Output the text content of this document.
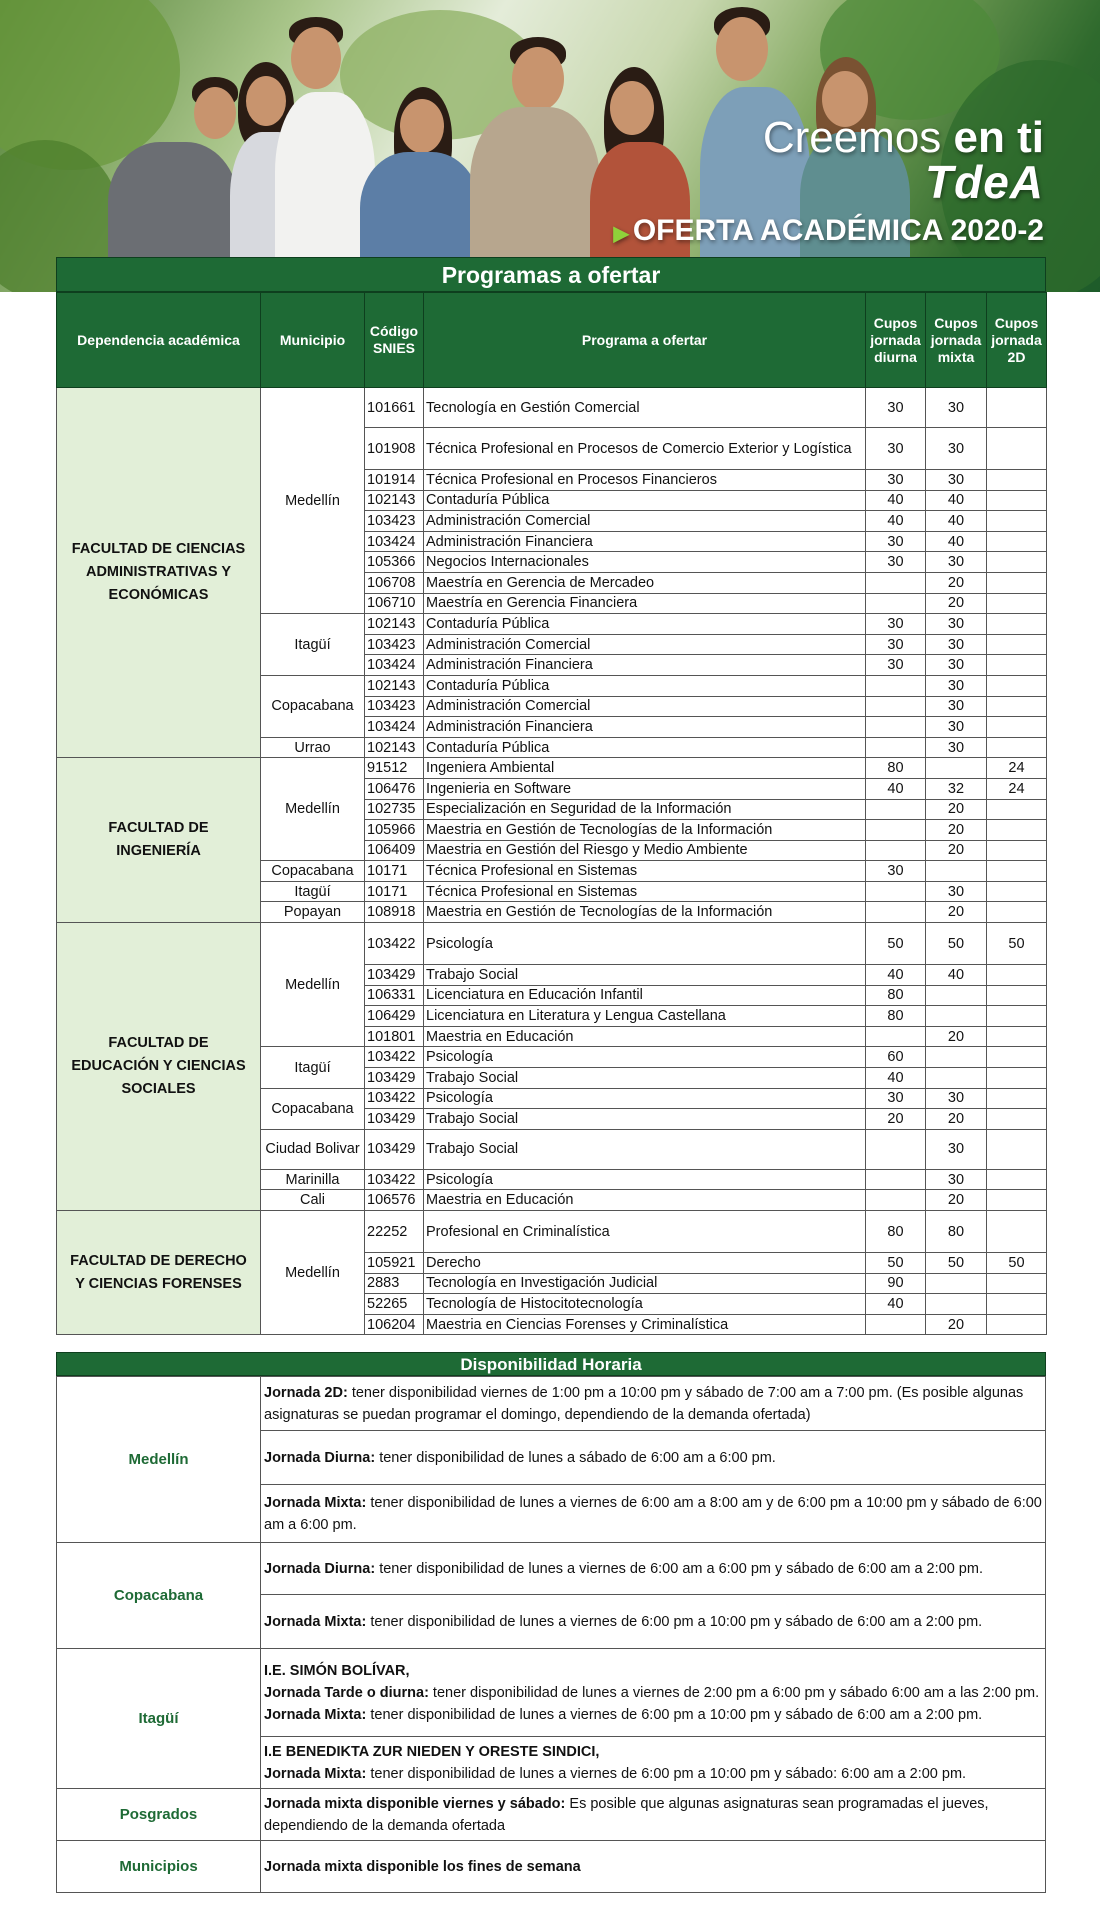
Creemos en ti
TdeA
▶ OFERTA ACADÉMICA 2020-2
Programas a ofertar
Dependencia académica	Municipio	Código SNIES	Programa a ofertar	Cupos jornada diurna	Cupos jornada mixta	Cupos jornada 2D
FACULTAD DE CIENCIAS ADMINISTRATIVAS Y ECONÓMICAS	Medellín	101661	Tecnología en Gestión Comercial	30	30	
		101908	Técnica Profesional en Procesos de Comercio Exterior y Logística	30	30	
		101914	Técnica Profesional en Procesos Financieros	30	30	
		102143	Contaduría Pública	40	40	
		103423	Administración Comercial	40	40	
		103424	Administración Financiera	30	40	
		105366	Negocios Internacionales	30	30	
		106708	Maestría en Gerencia de Mercadeo		20	
		106710	Maestría en Gerencia Financiera		20	
	Itagüí	102143	Contaduría Pública	30	30	
		103423	Administración Comercial	30	30	
		103424	Administración Financiera	30	30	
	Copacabana	102143	Contaduría Pública		30	
		103423	Administración Comercial		30	
		103424	Administración Financiera		30	
	Urrao	102143	Contaduría Pública		30	
FACULTAD DE INGENIERÍA	Medellín	91512	Ingeniera Ambiental	80		24
		106476	Ingenieria en Software	40	32	24
		102735	Especialización en Seguridad de la Información		20	
		105966	Maestria en Gestión de Tecnologías de la Información		20	
		106409	Maestria en Gestión del Riesgo y Medio Ambiente		20	
	Copacabana	10171	Técnica Profesional en Sistemas	30		
	Itagüí	10171	Técnica Profesional en Sistemas		30	
	Popayan	108918	Maestria en Gestión de Tecnologías de la Información		20	
FACULTAD DE EDUCACIÓN Y CIENCIAS SOCIALES	Medellín	103422	Psicología	50	50	50
		103429	Trabajo Social	40	40	
		106331	Licenciatura en Educación Infantil	80		
		106429	Licenciatura en Literatura y Lengua Castellana	80		
		101801	Maestria en Educación		20	
	Itagüí	103422	Psicología	60		
		103429	Trabajo Social	40		
	Copacabana	103422	Psicología	30	30	
		103429	Trabajo Social	20	20	
	Ciudad Bolivar	103429	Trabajo Social		30	
	Marinilla	103422	Psicología		30	
	Cali	106576	Maestria en Educación		20	
FACULTAD DE DERECHO Y CIENCIAS FORENSES	Medellín	22252	Profesional en Criminalística	80	80	
		105921	Derecho	50	50	50
		2883	Tecnología en Investigación Judicial	90		
		52265	Tecnología de Histocitotecnología	40		
		106204	Maestria en Ciencias Forenses y Criminalística		20	
Disponibilidad Horaria
Medellín	Jornada 2D: tener disponibilidad viernes de 1:00 pm a 10:00 pm y sábado de 7:00 am a 7:00 pm. (Es posible algunas asignaturas se puedan programar el domingo, dependiendo de la demanda ofertada)
	Jornada Diurna: tener disponibilidad de lunes a sábado de 6:00 am a 6:00 pm.
	Jornada Mixta: tener disponibilidad de lunes a viernes de 6:00 am a 8:00 am y de 6:00 pm a 10:00 pm y sábado de 6:00 am a 6:00 pm.
Copacabana	Jornada Diurna: tener disponibilidad de lunes a viernes de 6:00 am a 6:00 pm y sábado de 6:00 am a 2:00 pm.
	Jornada Mixta: tener disponibilidad de lunes a viernes de 6:00 pm a 10:00 pm y sábado de 6:00 am a 2:00 pm.
Itagüí	I.E. SIMÓN BOLÍVAR,
Jornada Tarde o diurna: tener disponibilidad de lunes a viernes de 2:00 pm a 6:00 pm y sábado 6:00 am a las 2:00 pm.
Jornada Mixta: tener disponibilidad de lunes a viernes de 6:00 pm a 10:00 pm y sábado de 6:00 am a 2:00 pm.
	I.E BENEDIKTA ZUR NIEDEN Y ORESTE SINDICI,
Jornada Mixta: tener disponibilidad de lunes a viernes de 6:00 pm a 10:00 pm y sábado: 6:00 am a 2:00 pm.
Posgrados	Jornada mixta disponible viernes y sábado: Es posible que algunas asignaturas sean programadas el jueves, dependiendo de la demanda ofertada
Municipios	Jornada mixta disponible los fines de semana
